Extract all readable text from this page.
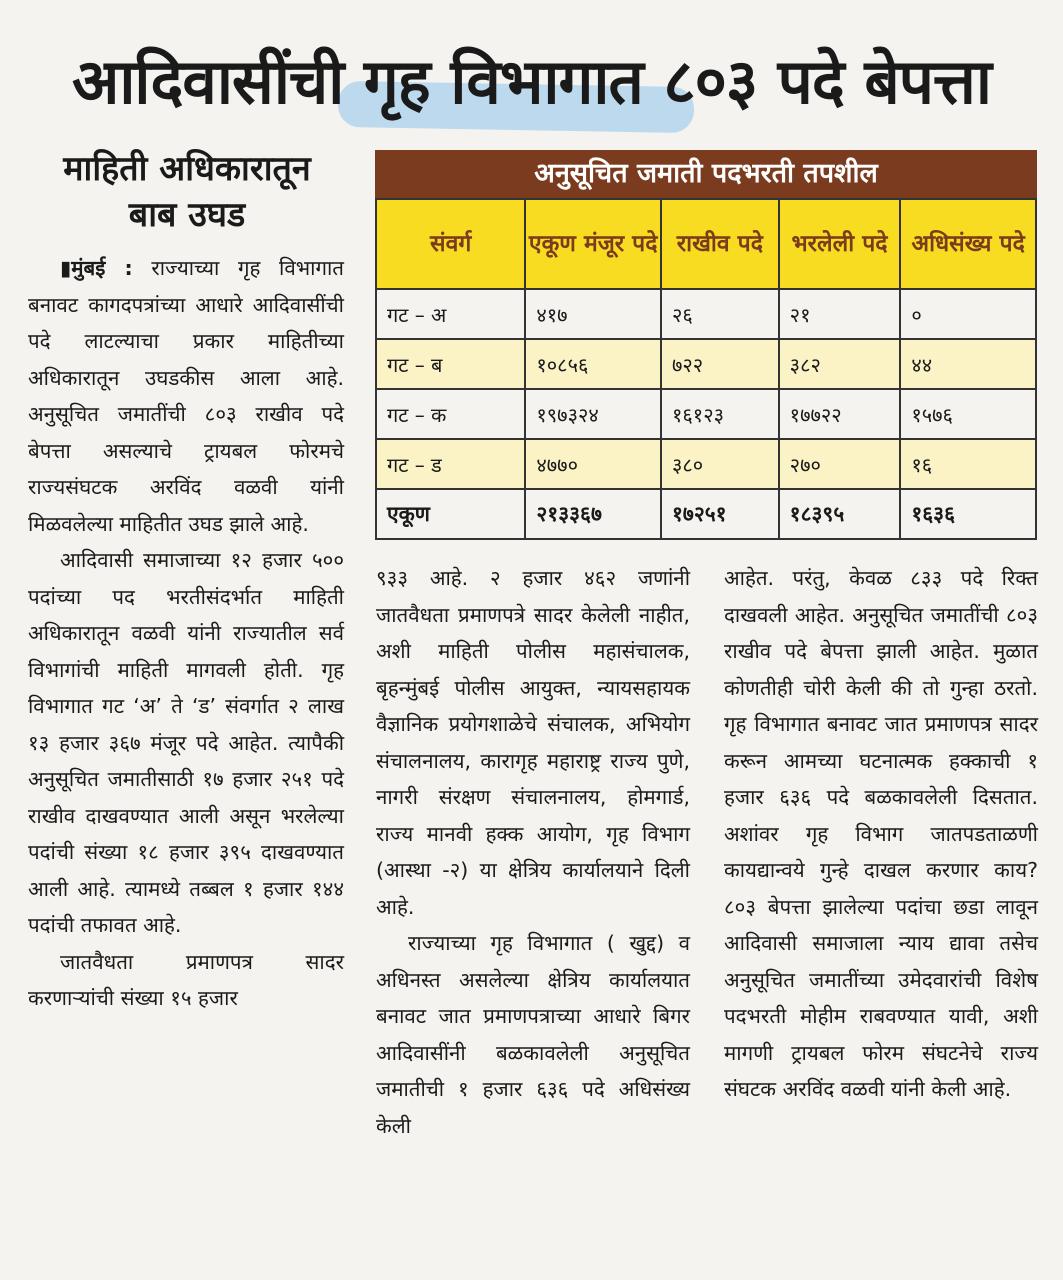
आदिवासींची गृह विभागात ८०३ पदे बेपत्ता
माहिती अधिकारातून
बाब उघड

▮मुंबई : राज्याच्या गृह विभागात बनावट कागदपत्रांच्या आधारे आदिवासींची पदे लाटल्याचा प्रकार माहितीच्या अधिकारातून उघडकीस आला आहे. अनुसूचित जमातींची ८०३ राखीव पदे बेपत्ता असल्याचे ट्रायबल फोरमचे राज्यसंघटक अरविंद वळवी यांनी मिळवलेल्या माहितीत उघड झाले आहे.

आदिवासी समाजाच्या १२ हजार ५०० पदांच्या पद भरतीसंदर्भात माहिती अधिकारातून वळवी यांनी राज्यातील सर्व विभागांची माहिती मागवली होती. गृह विभागात गट ‘अ’ ते ‘ड’ संवर्गात २ लाख १३ हजार ३६७ मंजूर पदे आहेत. त्यापैकी अनुसूचित जमातीसाठी १७ हजार २५१ पदे राखीव दाखवण्यात आली असून भरलेल्या पदांची संख्या १८ हजार ३९५ दाखवण्यात आली आहे. त्यामध्ये तब्बल १ हजार १४४ पदांची तफावत आहे.

जातवैधता प्रमाणपत्र सादर करणाऱ्यांची संख्या १५ हजार

अनुसूचित जमाती पदभरती तपशील
संवर्ग	एकूण मंजूर पदे	राखीव पदे	भरलेली पदे	अधिसंख्य पदे
गट – अ	४१७	२६	२१	०
गट – ब	१०८५६	७२२	३८२	४४
गट – क	१९७३२४	१६१२३	१७७२२	१५७६
गट – ड	४७७०	३८०	२७०	१६
एकूण	२१३३६७	१७२५१	१८३९५	१६३६

९३३ आहे. २ हजार ४६२ जणांनी जातवैधता प्रमाणपत्रे सादर केलेली नाहीत, अशी माहिती पोलीस महासंचालक, बृहन्मुंबई पोलीस आयुक्त, न्यायसहायक वैज्ञानिक प्रयोगशाळेचे संचालक, अभियोग संचालनालय, कारागृह महाराष्ट्र राज्य पुणे, नागरी संरक्षण संचालनालय, होमगार्ड, राज्य मानवी हक्क आयोग, गृह विभाग (आस्था -२) या क्षेत्रिय कार्यालयाने दिली आहे.

राज्याच्या गृह विभागात ( खुद्द) व अधिनस्त असलेल्या क्षेत्रिय कार्यालयात बनावट जात प्रमाणपत्राच्या आधारे बिगर आदिवासींनी बळकावलेली अनुसूचित जमातीची १ हजार ६३६ पदे अधिसंख्य केली

आहेत. परंतु, केवळ ८३३ पदे रिक्त दाखवली आहेत. अनुसूचित जमातींची ८०३ राखीव पदे बेपत्ता झाली आहेत. मुळात कोणतीही चोरी केली की तो गुन्हा ठरतो. गृह विभागात बनावट जात प्रमाणपत्र सादर करून आमच्या घटनात्मक हक्काची १ हजार ६३६ पदे बळकावलेली दिसतात. अशांवर गृह विभाग जातपडताळणी कायद्यान्वये गुन्हे दाखल करणार काय? ८०३ बेपत्ता झालेल्या पदांचा छडा लावून आदिवासी समाजाला न्याय द्यावा तसेच अनुसूचित जमातींच्या उमेदवारांची विशेष पदभरती मोहीम राबवण्यात यावी, अशी मागणी ट्रायबल फोरम संघटनेचे राज्य संघटक अरविंद वळवी यांनी केली आहे.
